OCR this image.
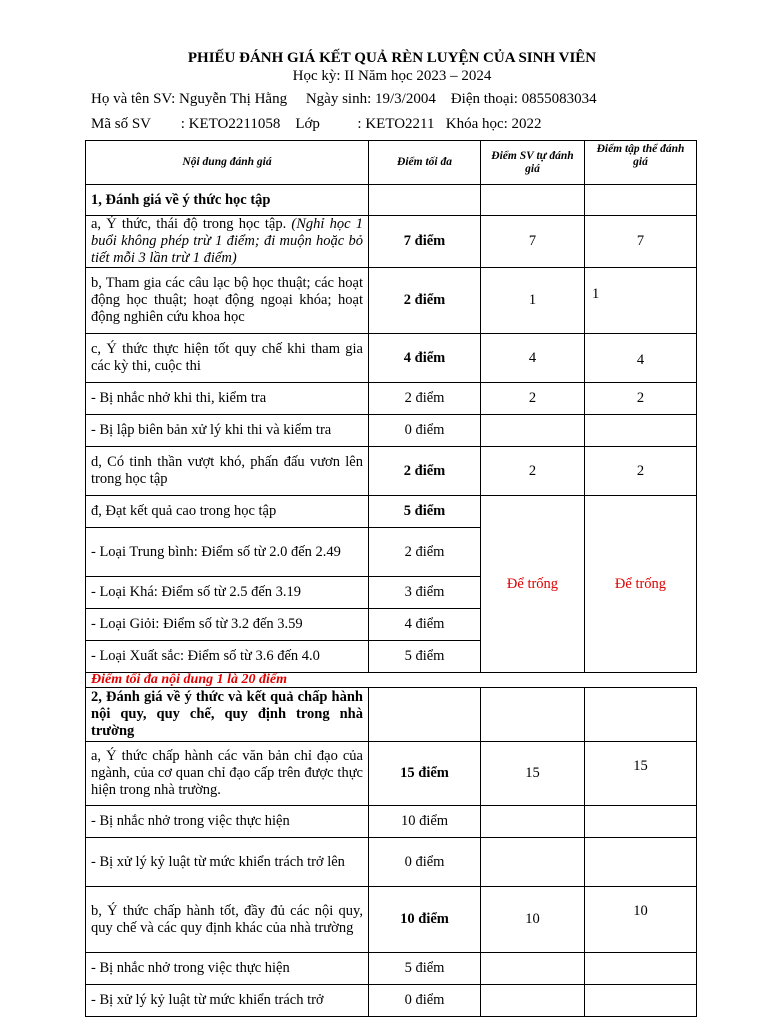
PHIẾU ĐÁNH GIÁ KẾT QUẢ RÈN LUYỆN CỦA SINH VIÊN
Học kỳ: II Năm học 2023 – 2024
Họ và tên SV: Nguyễn Thị Hằng     Ngày sinh: 19/3/2004    Điện thoại: 0855083034
Mã số SV        : KETO2211058    Lớp          : KETO2211   Khóa học: 2022
Nội dung đánh giá	Điểm tối đa	Điểm SV tự đánh giá	Điểm tập thể đánh giá
1, Đánh giá về ý thức học tập			
a, Ý thức, thái độ trong học tập. (Nghỉ học 1 buổi không phép trừ 1 điểm; đi muộn hoặc bỏ tiết mỗi 3 lần trừ 1 điểm)	7 điểm	7	7
b, Tham gia các câu lạc bộ học thuật; các hoạt động học thuật; hoạt động ngoại khóa; hoạt động nghiên cứu khoa học	2 điểm	1	1
c, Ý thức thực hiện tốt quy chế khi tham gia các kỳ thi, cuộc thi	4 điểm	4	4
- Bị nhắc nhở khi thi, kiểm tra	2 điểm	2	2
- Bị lập biên bản xử lý khi thi và kiểm tra	0 điểm		
d, Có tinh thần vượt khó, phấn đấu vươn lên trong học tập	2 điểm	2	2
đ, Đạt kết quả cao trong học tập	5 điểm	Để trống	Để trống
- Loại Trung bình: Điểm số từ 2.0 đến 2.49	2 điểm		
- Loại Khá: Điểm số từ 2.5 đến 3.19	3 điểm		
- Loại Giỏi: Điểm số từ 3.2 đến 3.59	4 điểm		
- Loại Xuất sắc: Điểm số từ 3.6 đến 4.0	5 điểm		
Điểm tối đa nội dung 1 là 20 điểm			
2, Đánh giá về ý thức và kết quả chấp hành nội quy, quy chế, quy định trong nhà trường			
a, Ý thức chấp hành các văn bản chỉ đạo của ngành, của cơ quan chỉ đạo cấp trên được thực hiện trong nhà trường.	15 điểm	15	15
- Bị nhắc nhở trong việc thực hiện	10 điểm		
- Bị xử lý kỷ luật từ mức khiển trách trở lên	0 điểm		
b, Ý thức chấp hành tốt, đầy đủ các nội quy, quy chế và các quy định khác của nhà trường	10 điểm	10	10
- Bị nhắc nhở trong việc thực hiện	5 điểm		
- Bị xử lý kỷ luật từ mức khiển trách trở	0 điểm		
